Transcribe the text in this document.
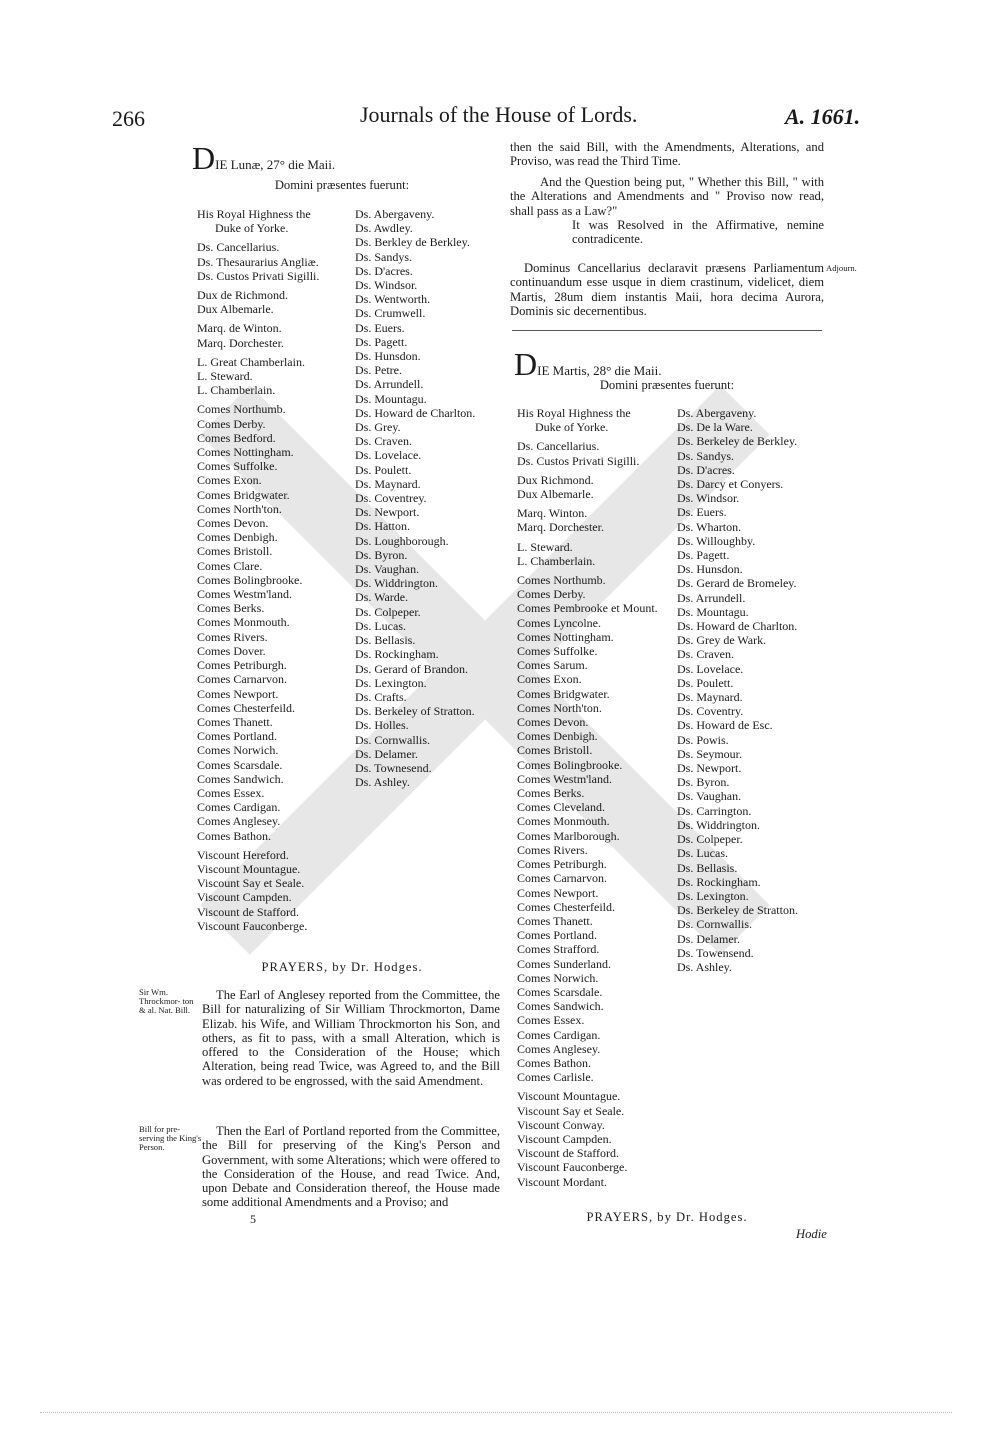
266	Journals of the House of Lords.	A. 1661.
DIE Lunæ, 27° die Maii.
Domini præsentes fuerunt:
His Royal Highness the
  Duke of Yorke.
Ds. Cancellarius.
Ds. Thesaurarius Angliæ.
Ds. Custos Privati Sigilli.
Dux de Richmond.
Dux Albemarle.
Marq. de Winton.
Marq. Dorchester.
L. Great Chamberlain.
L. Steward.
L. Chamberlain.
Comes Northumb.
Comes Derby.
Comes Bedford.
Comes Nottingham.
Comes Suffolke.
Comes Exon.
Comes Bridgwater.
Comes North'ton.
Comes Devon.
Comes Denbigh.
Comes Bristoll.
Comes Clare.
Comes Bolingbrooke.
Comes Westm'land.
Comes Berks.
Comes Monmouth.
Comes Rivers.
Comes Dover.
Comes Petriburgh.
Comes Carnarvon.
Comes Newport.
Comes Chesterfeild.
Comes Thanett.
Comes Portland.
Comes Norwich.
Comes Scarsdale.
Comes Sandwich.
Comes Essex.
Comes Cardigan.
Comes Anglesey.
Comes Bathon.
Viscount Hereford.
Viscount Mountague.
Viscount Say et Seale.
Viscount Campden.
Viscount de Stafford.
Viscount Fauconberge.
Ds. Abergaveny.
Ds. Awdley.
Ds. Berkley de Berkley.
Ds. Sandys.
Ds. D'acres.
Ds. Windsor.
Ds. Wentworth.
Ds. Crumwell.
Ds. Euers.
Ds. Pagett.
Ds. Hunsdon.
Ds. Petre.
Ds. Arrundell.
Ds. Mountagu.
Ds. Howard de Charlton.
Ds. Grey.
Ds. Craven.
Ds. Lovelace.
Ds. Poulett.
Ds. Maynard.
Ds. Coventrey.
Ds. Newport.
Ds. Hatton.
Ds. Loughborough.
Ds. Byron.
Ds. Vaughan.
Ds. Widdrington.
Ds. Warde.
Ds. Colpeper.
Ds. Lucas.
Ds. Bellasis.
Ds. Rockingham.
Ds. Gerard of Brandon.
Ds. Lexington.
Ds. Crafts.
Ds. Berkeley of Stratton.
Ds. Holles.
Ds. Cornwallis.
Ds. Delamer.
Ds. Townesend.
Ds. Ashley.
PRAYERS, by Dr. Hodges.
Sir Wm. Throckmor- ton & al. Nat. Bill.
The Earl of Anglesey reported from the Committee, the Bill for naturalizing of Sir William Throckmorton, Dame Elizab. his Wife, and William Throckmorton his Son, and others, as fit to pass, with a small Alteration, which is offered to the Consideration of the House; which Alteration, being read Twice, was Agreed to, and the Bill was ordered to be engrossed, with the said Amendment.
Bill for pre- serving the King's Person.
Then the Earl of Portland reported from the Committee, the Bill for preserving of the King's Person and Government, with some Alterations; which were offered to the Consideration of the House, and read Twice. And, upon Debate and Consideration thereof, the House made some additional Amendments and a Proviso; and
5
then the said Bill, with the Amendments, Alterations, and Proviso, was read the Third Time.
And the Question being put, " Whether this Bill, " with the Alterations and Amendments and " Proviso now read, shall pass as a Law?"
It was Resolved in the Affirmative, nemine contradicente.
Adjourn.
Dominus Cancellarius declaravit præsens Parliamentum continuandum esse usque in diem crastinum, videlicet, diem Martis, 28um diem instantis Maii, hora decima Aurora, Dominis sic decernentibus.
DIE Martis, 28° die Maii.
Domini præsentes fuerunt:
His Royal Highness the
  Duke of Yorke.
Ds. Cancellarius.
Ds. Custos Privati Sigilli.
Dux Richmond.
Dux Albemarle.
Marq. Winton.
Marq. Dorchester.
L. Steward.
L. Chamberlain.
Comes Northumb.
Comes Derby.
Comes Pembrooke et Mount.
Comes Lyncolne.
Comes Nottingham.
Comes Suffolke.
Comes Sarum.
Comes Exon.
Comes Bridgwater.
Comes North'ton.
Comes Devon.
Comes Denbigh.
Comes Bristoll.
Comes Bolingbrooke.
Comes Westm'land.
Comes Berks.
Comes Cleveland.
Comes Monmouth.
Comes Marlborough.
Comes Rivers.
Comes Petriburgh.
Comes Carnarvon.
Comes Newport.
Comes Chesterfeild.
Comes Thanett.
Comes Portland.
Comes Strafford.
Comes Sunderland.
Comes Norwich.
Comes Scarsdale.
Comes Sandwich.
Comes Essex.
Comes Cardigan.
Comes Anglesey.
Comes Bathon.
Comes Carlisle.
Viscount Mountague.
Viscount Say et Seale.
Viscount Conway.
Viscount Campden.
Viscount de Stafford.
Viscount Fauconberge.
Viscount Mordant.
Ds. Abergaveny.
Ds. De la Ware.
Ds. Berkeley de Berkley.
Ds. Sandys.
Ds. D'acres.
Ds. Darcy et Conyers.
Ds. Windsor.
Ds. Euers.
Ds. Wharton.
Ds. Willoughby.
Ds. Pagett.
Ds. Hunsdon.
Ds. Gerard de Bromeley.
Ds. Arrundell.
Ds. Mountagu.
Ds. Howard de Charlton.
Ds. Grey de Wark.
Ds. Craven.
Ds. Lovelace.
Ds. Poulett.
Ds. Maynard.
Ds. Coventry.
Ds. Howard de Esc.
Ds. Powis.
Ds. Seymour.
Ds. Newport.
Ds. Byron.
Ds. Vaughan.
Ds. Carrington.
Ds. Widdrington.
Ds. Colpeper.
Ds. Lucas.
Ds. Bellasis.
Ds. Rockingham.
Ds. Lexington.
Ds. Berkeley de Stratton.
Ds. Cornwallis.
Ds. Delamer.
Ds. Towensend.
Ds. Ashley.
PRAYERS, by Dr. Hodges.
Hodie
